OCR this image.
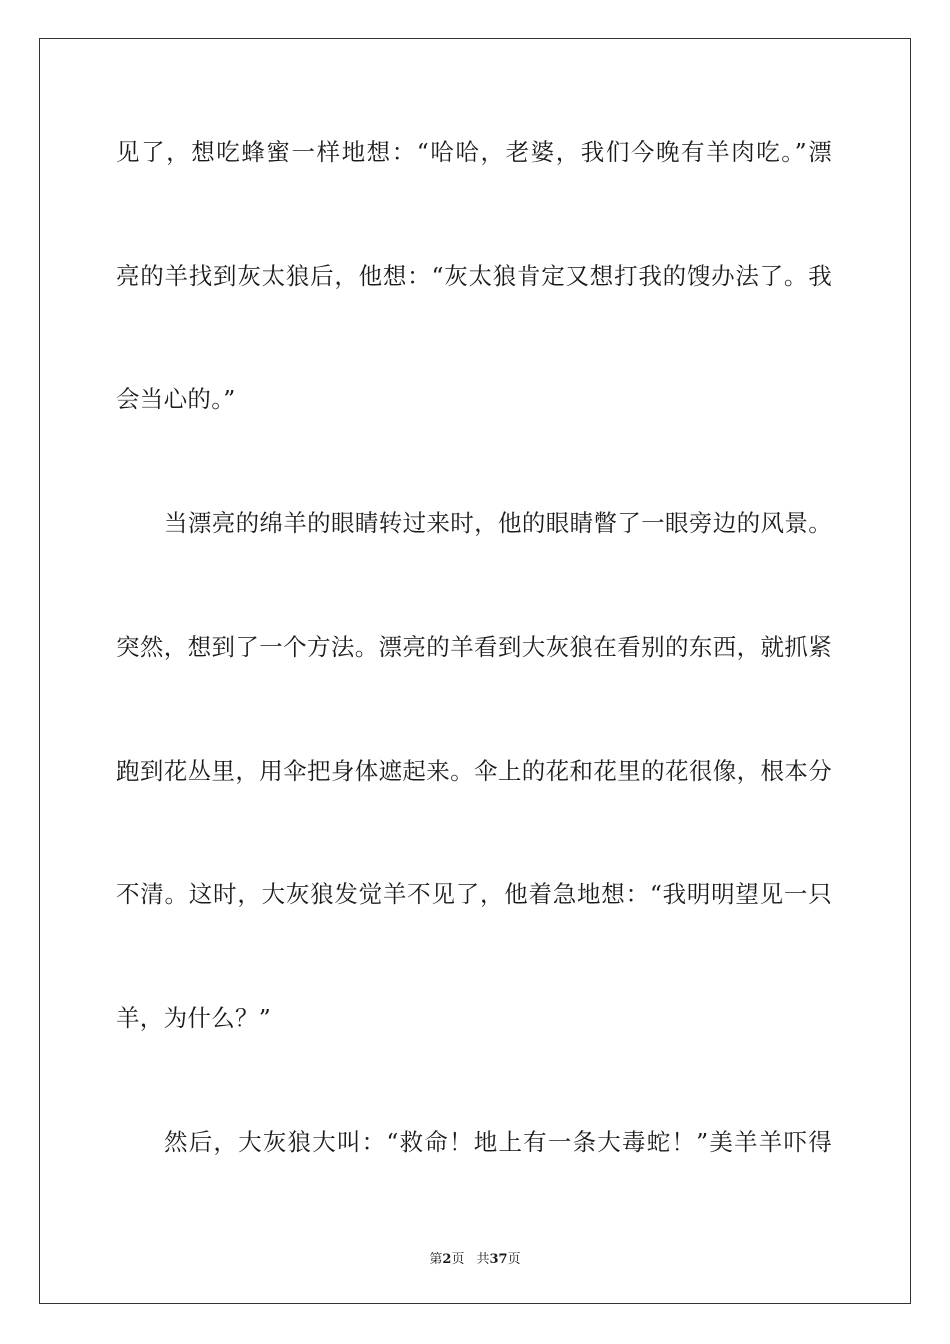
见了，想吃蜂蜜一样地想：“哈哈，老婆，我们今晚有羊肉吃。”漂
亮的羊找到灰太狼后，他想：“灰太狼肯定又想打我的馊办法了。我
会当心的。”
当漂亮的绵羊的眼睛转过来时，他的眼睛瞥了一眼旁边的风景。
突然，想到了一个方法。漂亮的羊看到大灰狼在看别的东西，就抓紧
跑到花丛里，用伞把身体遮起来。伞上的花和花里的花很像，根本分
不清。这时，大灰狼发觉羊不见了，他着急地想：“我明明望见一只
羊，为什么？”
然后，大灰狼大叫：“救命！地上有一条大毒蛇！”美羊羊吓得
第2页 共37页
